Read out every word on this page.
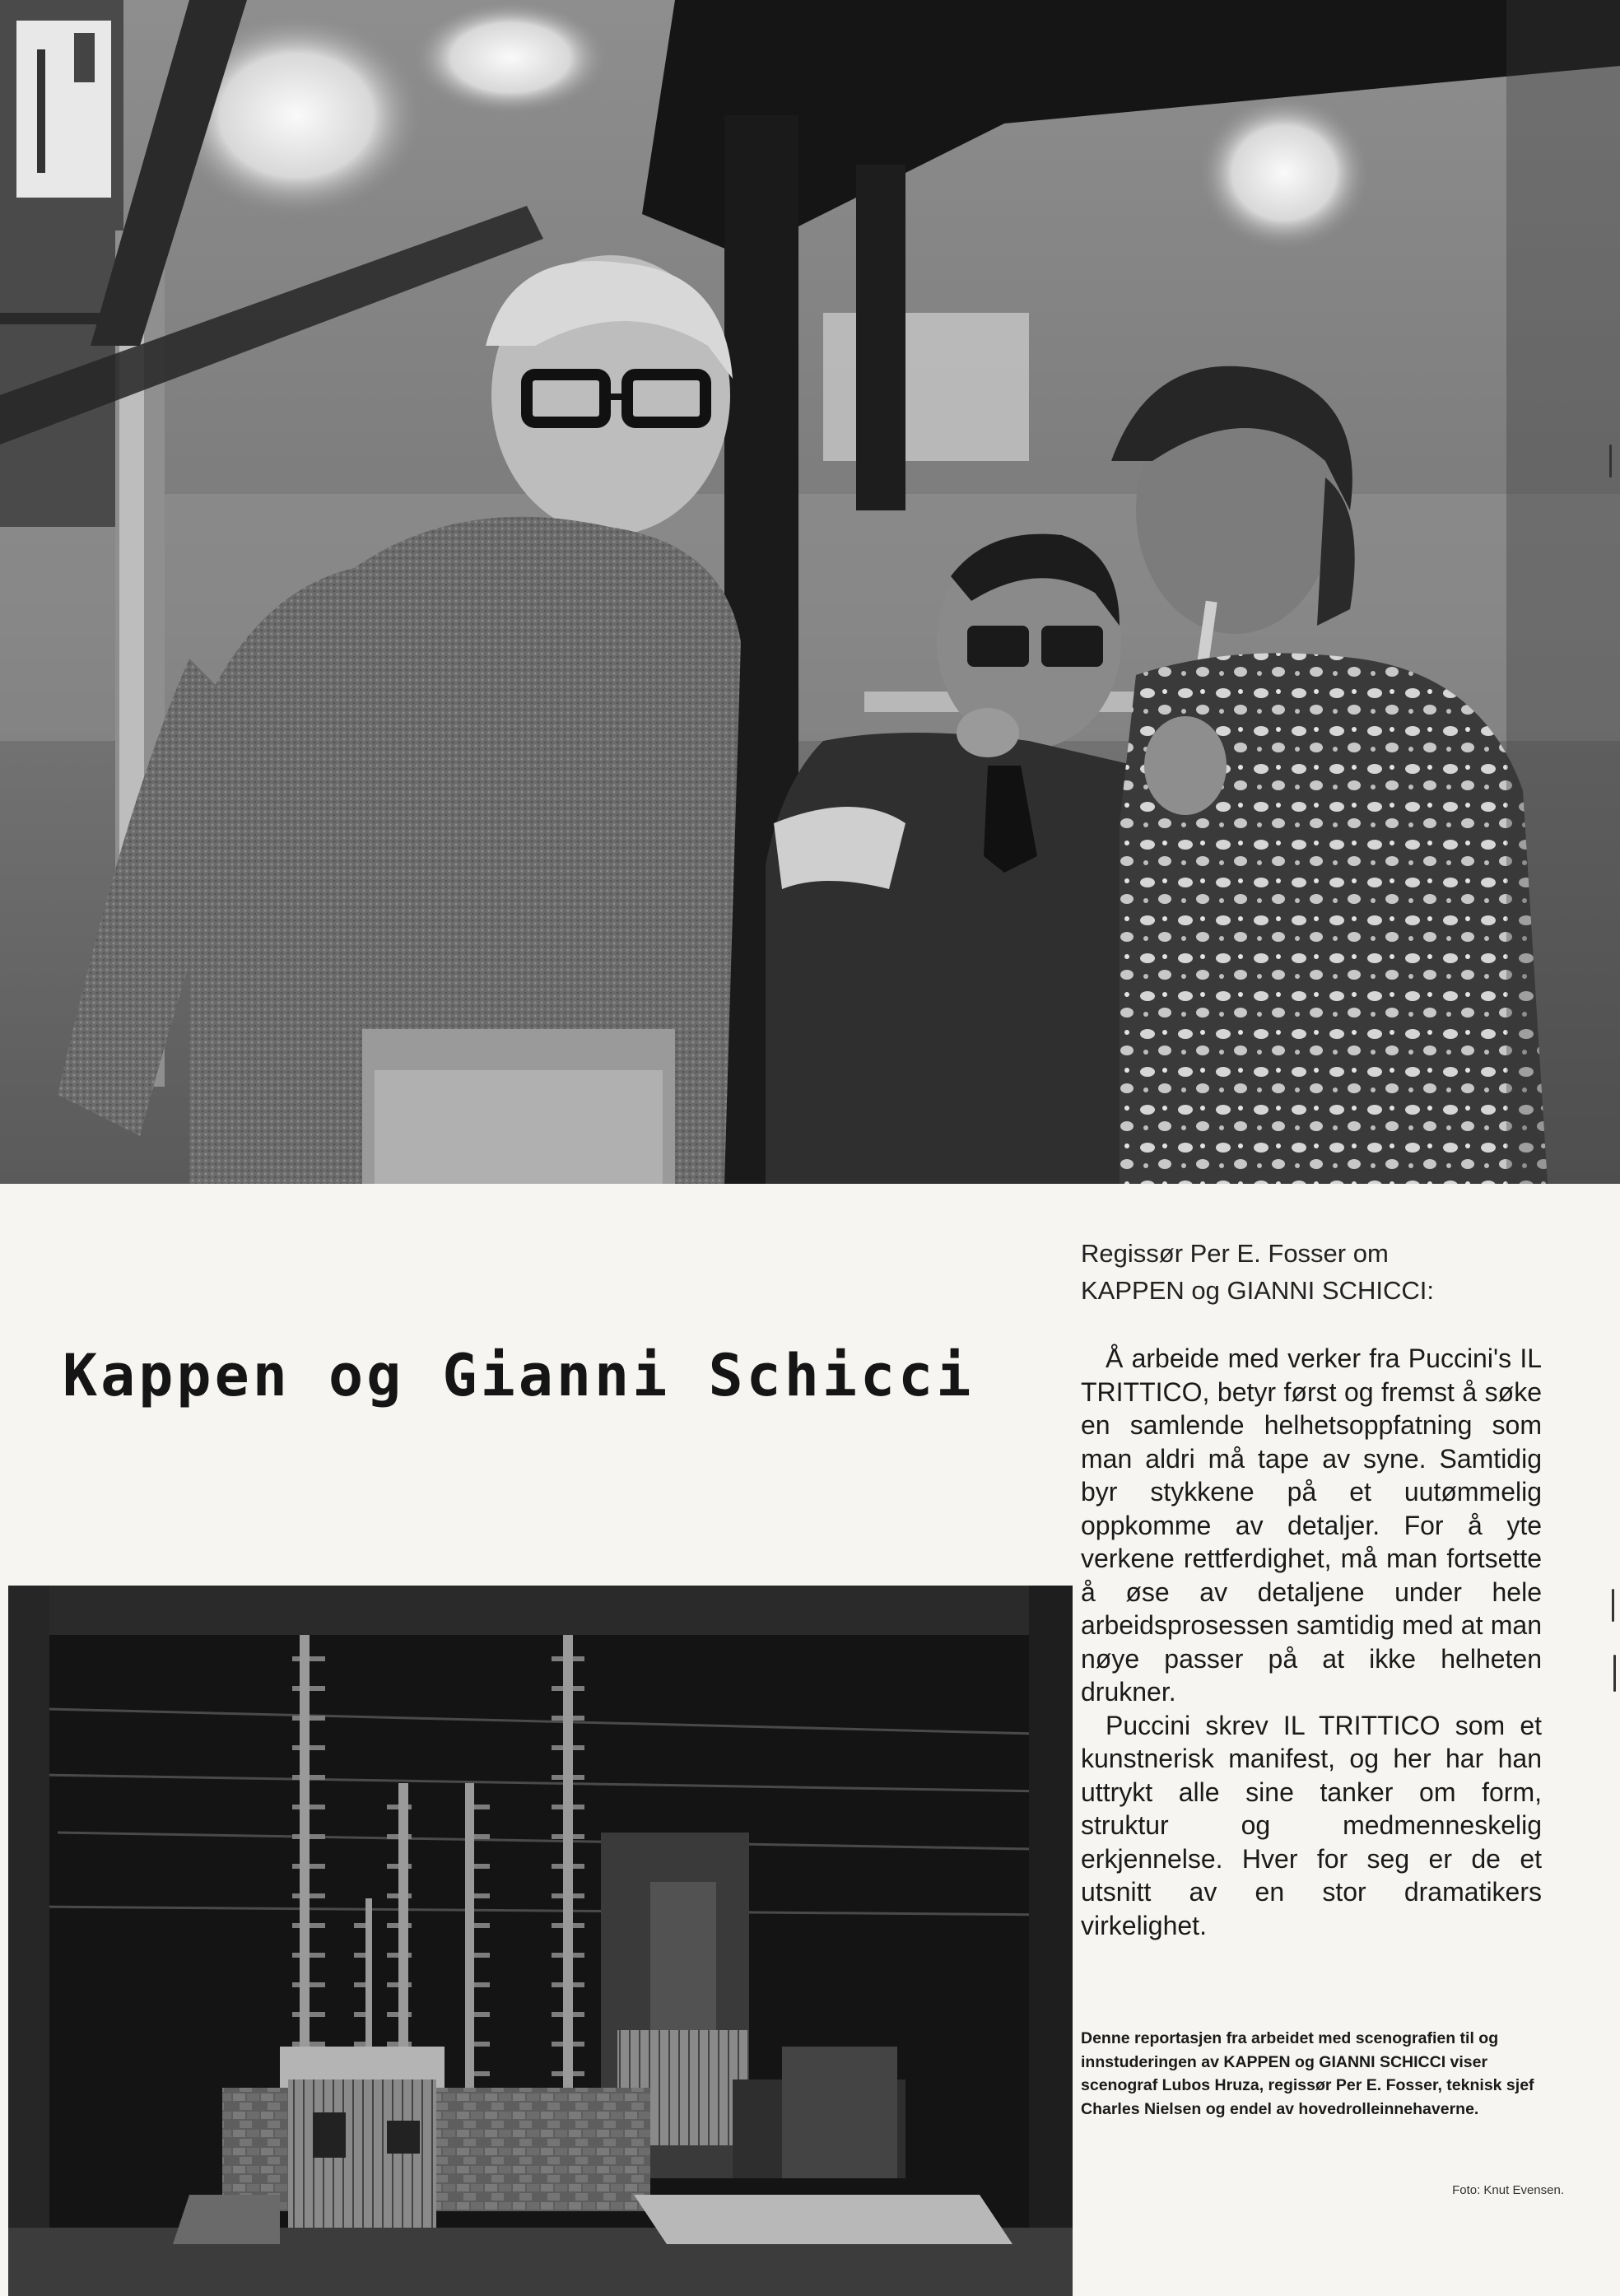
Kappen og Gianni Schicci
Regissør Per E. Fosser om
KAPPEN og GIANNI SCHICCI:

Å arbeide med verker fra Puccini's IL TRITTICO, betyr først og fremst å søke en samlende helhetsoppfatning som man aldri må tape av syne. Samtidig byr stykkene på et uutømmelig oppkomme av detaljer. For å yte verkene rettferdighet, må man fortsette å øse av detaljene under hele arbeidsprosessen samtidig med at man nøye passer på at ikke helheten drukner.

Puccini skrev IL TRITTICO som et kunstnerisk manifest, og her har han uttrykt alle sine tanker om form, struktur og medmenneskelig erkjennelse. Hver for seg er de et utsnitt av en stor dramatikers virkelighet.

Denne reportasjen fra arbeidet med scenografien til og innstuderingen av KAPPEN og GIANNI SCHICCI viser scenograf Lubos Hruza, regissør Per E. Fosser, teknisk sjef Charles Nielsen og endel av hovedrolleinnehaverne.
Foto: Knut Evensen.
